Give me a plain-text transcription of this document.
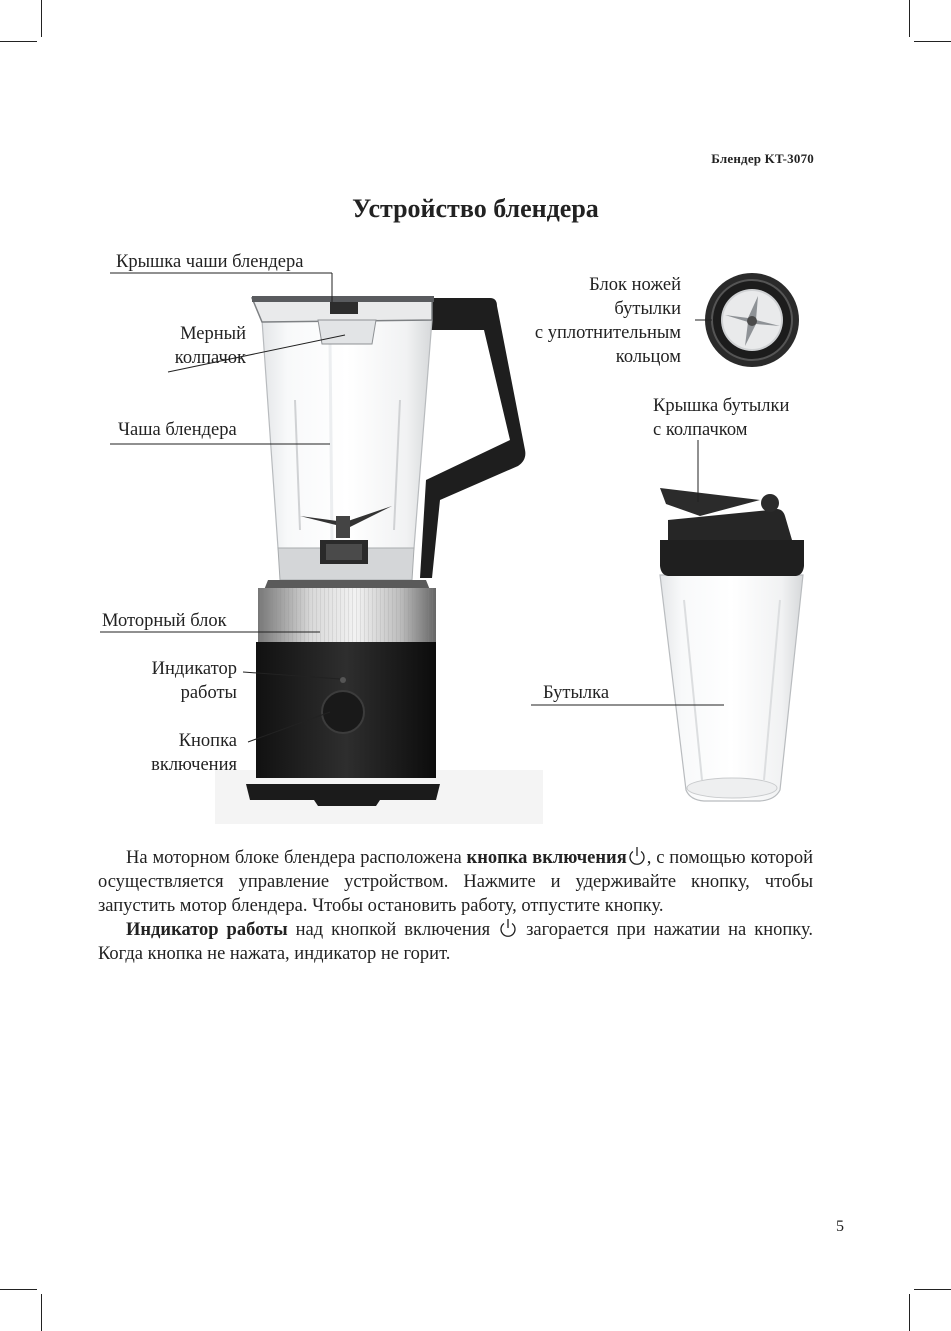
Блендер KT-3070
Устройство блендера
Крышка чаши блендера
Мерный
колпачок
Чаша блендера
Моторный блок
Индикатор
работы
Кнопка
включения
Блок ножей
бутылки
с уплотнительным
кольцом
Крышка бутылки
с колпачком
Бутылка

На моторном блоке блендера расположена кнопка включения , с помощью которой осуществляется управление устройством. Нажмите и удерживайте кнопку, чтобы запустить мотор блендера. Чтобы остановить работу, отпустите кнопку.

Индикатор работы над кнопкой включения  загорается при нажатии на кнопку. Когда кнопка не нажата, индикатор не горит.

5
